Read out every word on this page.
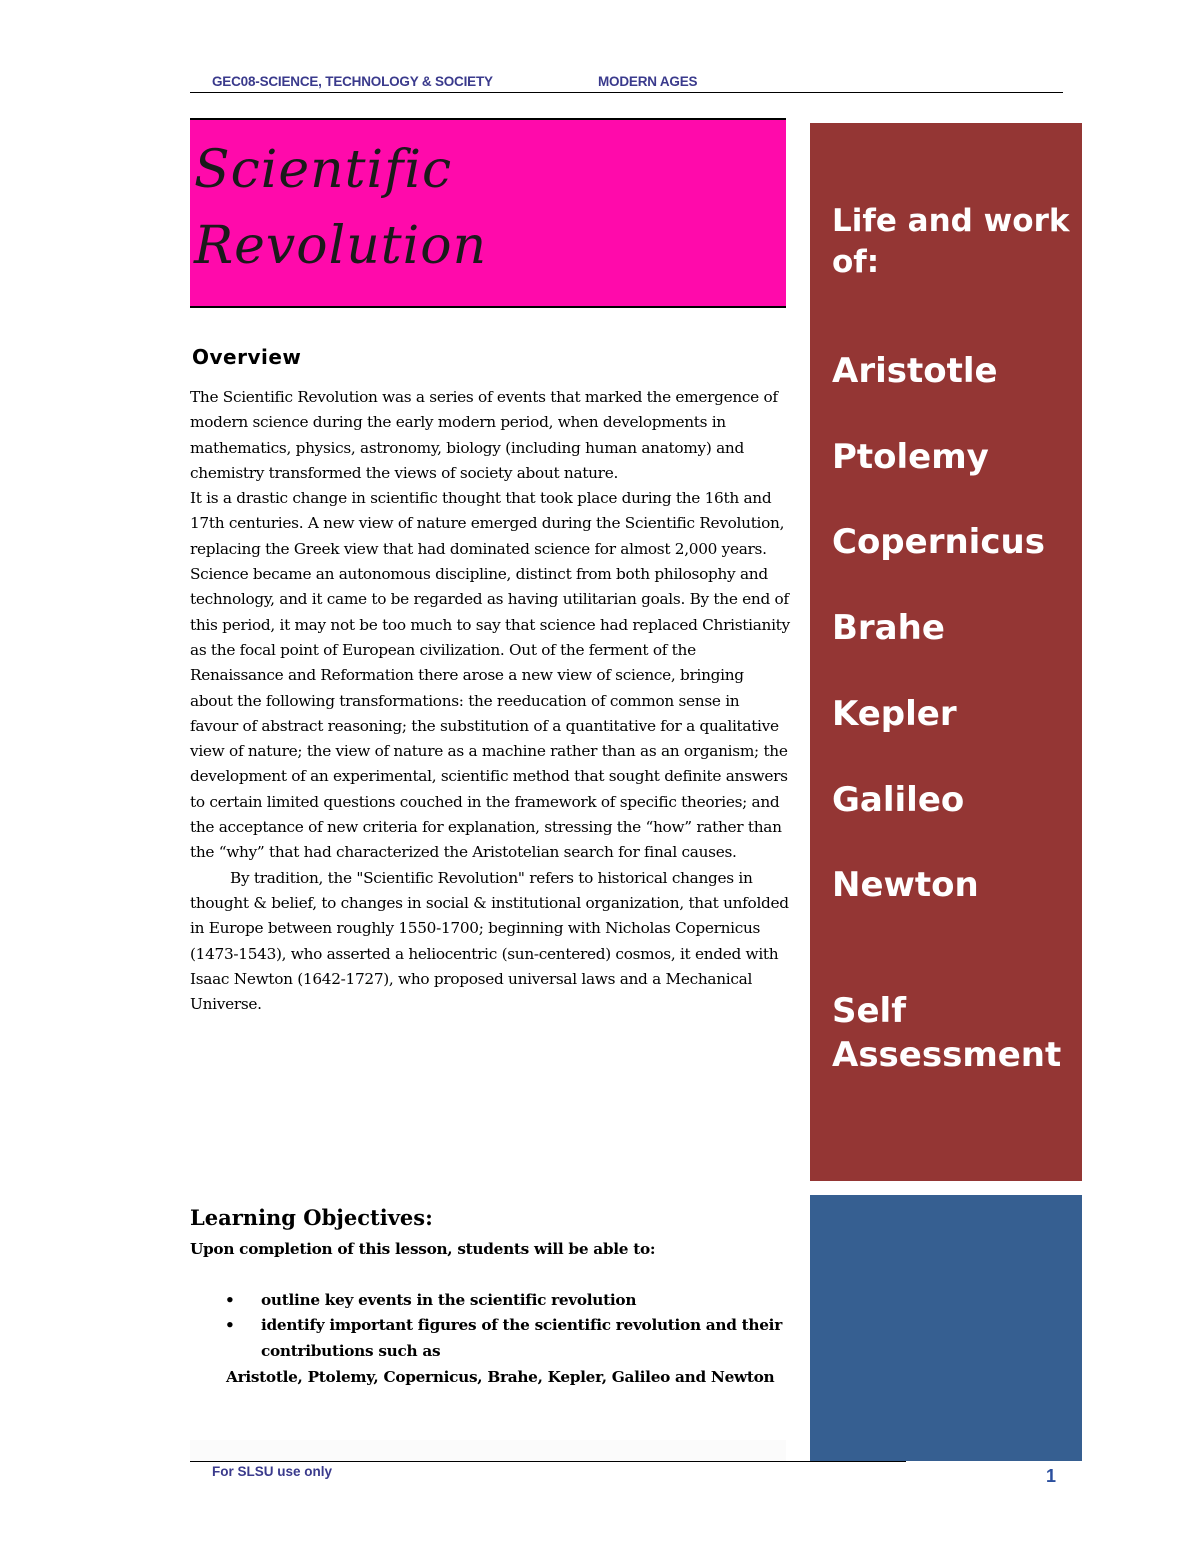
GEC08-SCIENCE, TECHNOLOGY & SOCIETY	MODERN AGES
Scientific
Revolution
Overview

The Scientific Revolution was a series of events that marked the emergence of modern science during the early modern period, when developments in mathematics, physics, astronomy, biology (including human anatomy) and chemistry transformed the views of society about nature.

It is a drastic change in scientific thought that took place during the 16th and 17th centuries. A new view of nature emerged during the Scientific Revolution, replacing the Greek view that had dominated science for almost 2,000 years. Science became an autonomous discipline, distinct from both philosophy and technology, and it came to be regarded as having utilitarian goals. By the end of this period, it may not be too much to say that science had replaced Christianity as the focal point of European civilization. Out of the ferment of the Renaissance and Reformation there arose a new view of science, bringing about the following transformations: the reeducation of common sense in favour of abstract reasoning; the substitution of a quantitative for a qualitative view of nature; the view of nature as a machine rather than as an organism; the development of an experimental, scientific method that sought definite answers to certain limited questions couched in the framework of specific theories; and the acceptance of new criteria for explanation, stressing the “how” rather than the “why” that had characterized the Aristotelian search for final causes.

By tradition, the "Scientific Revolution" refers to historical changes in thought & belief, to changes in social & institutional organization, that unfolded in Europe between roughly 1550-1700; beginning with Nicholas Copernicus (1473-1543), who asserted a heliocentric (sun-centered) cosmos, it ended with Isaac Newton (1642-1727), who proposed universal laws and a Mechanical Universe.

Learning Objectives:
Upon completion of this lesson, students will be able to:
• outline key events in the scientific revolution
• identify important figures of the scientific revolution and their contributions such as
Aristotle, Ptolemy, Copernicus, Brahe, Kepler, Galileo and Newton
For SLSU use only	1
Life and work
of:
Aristotle
Ptolemy
Copernicus
Brahe
Kepler
Galileo
Newton
Self
Assessment
